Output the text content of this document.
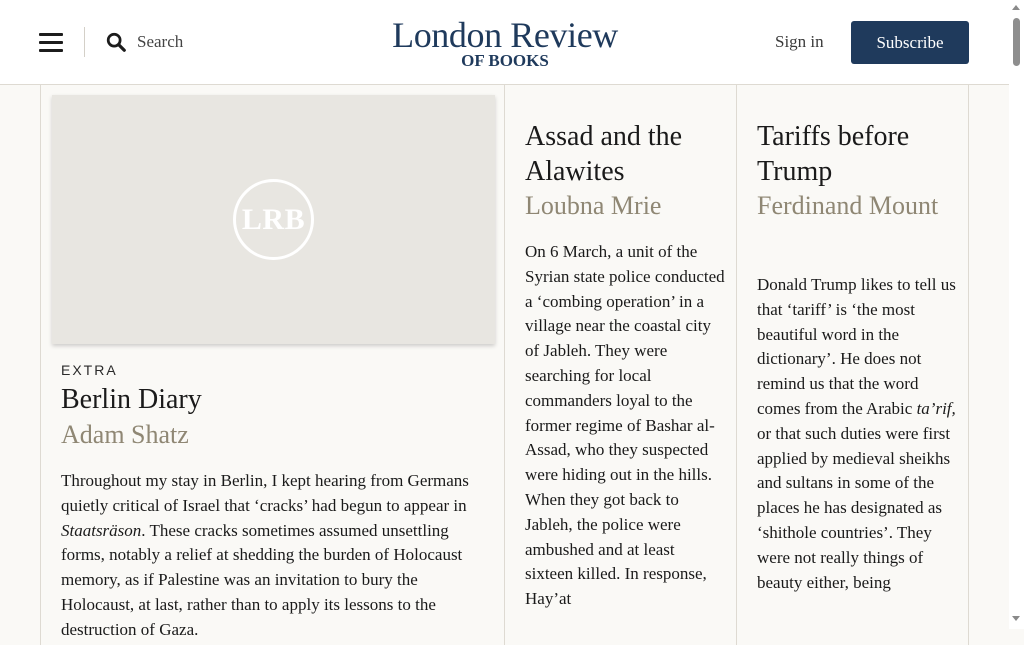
Search	London Review
OF BOOKS
Sign in	Subscribe
LRB
EXTRA
Berlin Diary
Adam Shatz
Throughout my stay in Berlin, I kept hearing from Germans quietly critical of Israel that ‘cracks’ had begun to appear in Staatsräson. These cracks sometimes assumed unsettling forms, notably a relief at shedding the burden of Holocaust memory, as if Palestine was an invitation to bury the Holocaust, at last, rather than to apply its lessons to the destruction of Gaza.
Assad and the Alawites
Loubna Mrie
On 6 March, a unit of the Syrian state police conducted a ‘combing operation’ in a village near the coastal city of Jableh. They were searching for local commanders loyal to the former regime of Bashar al-Assad, who they suspected were hiding out in the hills. When they got back to Jableh, the police were ambushed and at least sixteen killed. In response, Hay’at
Tariffs before Trump
Ferdinand Mount
Donald Trump likes to tell us that ‘tariff’ is ‘the most beautiful word in the dictionary’. He does not remind us that the word comes from the Arabic ta’rif, or that such duties were first applied by medieval sheikhs and sultans in some of the places he has designated as ‘shithole countries’. They were not really things of beauty either, being
